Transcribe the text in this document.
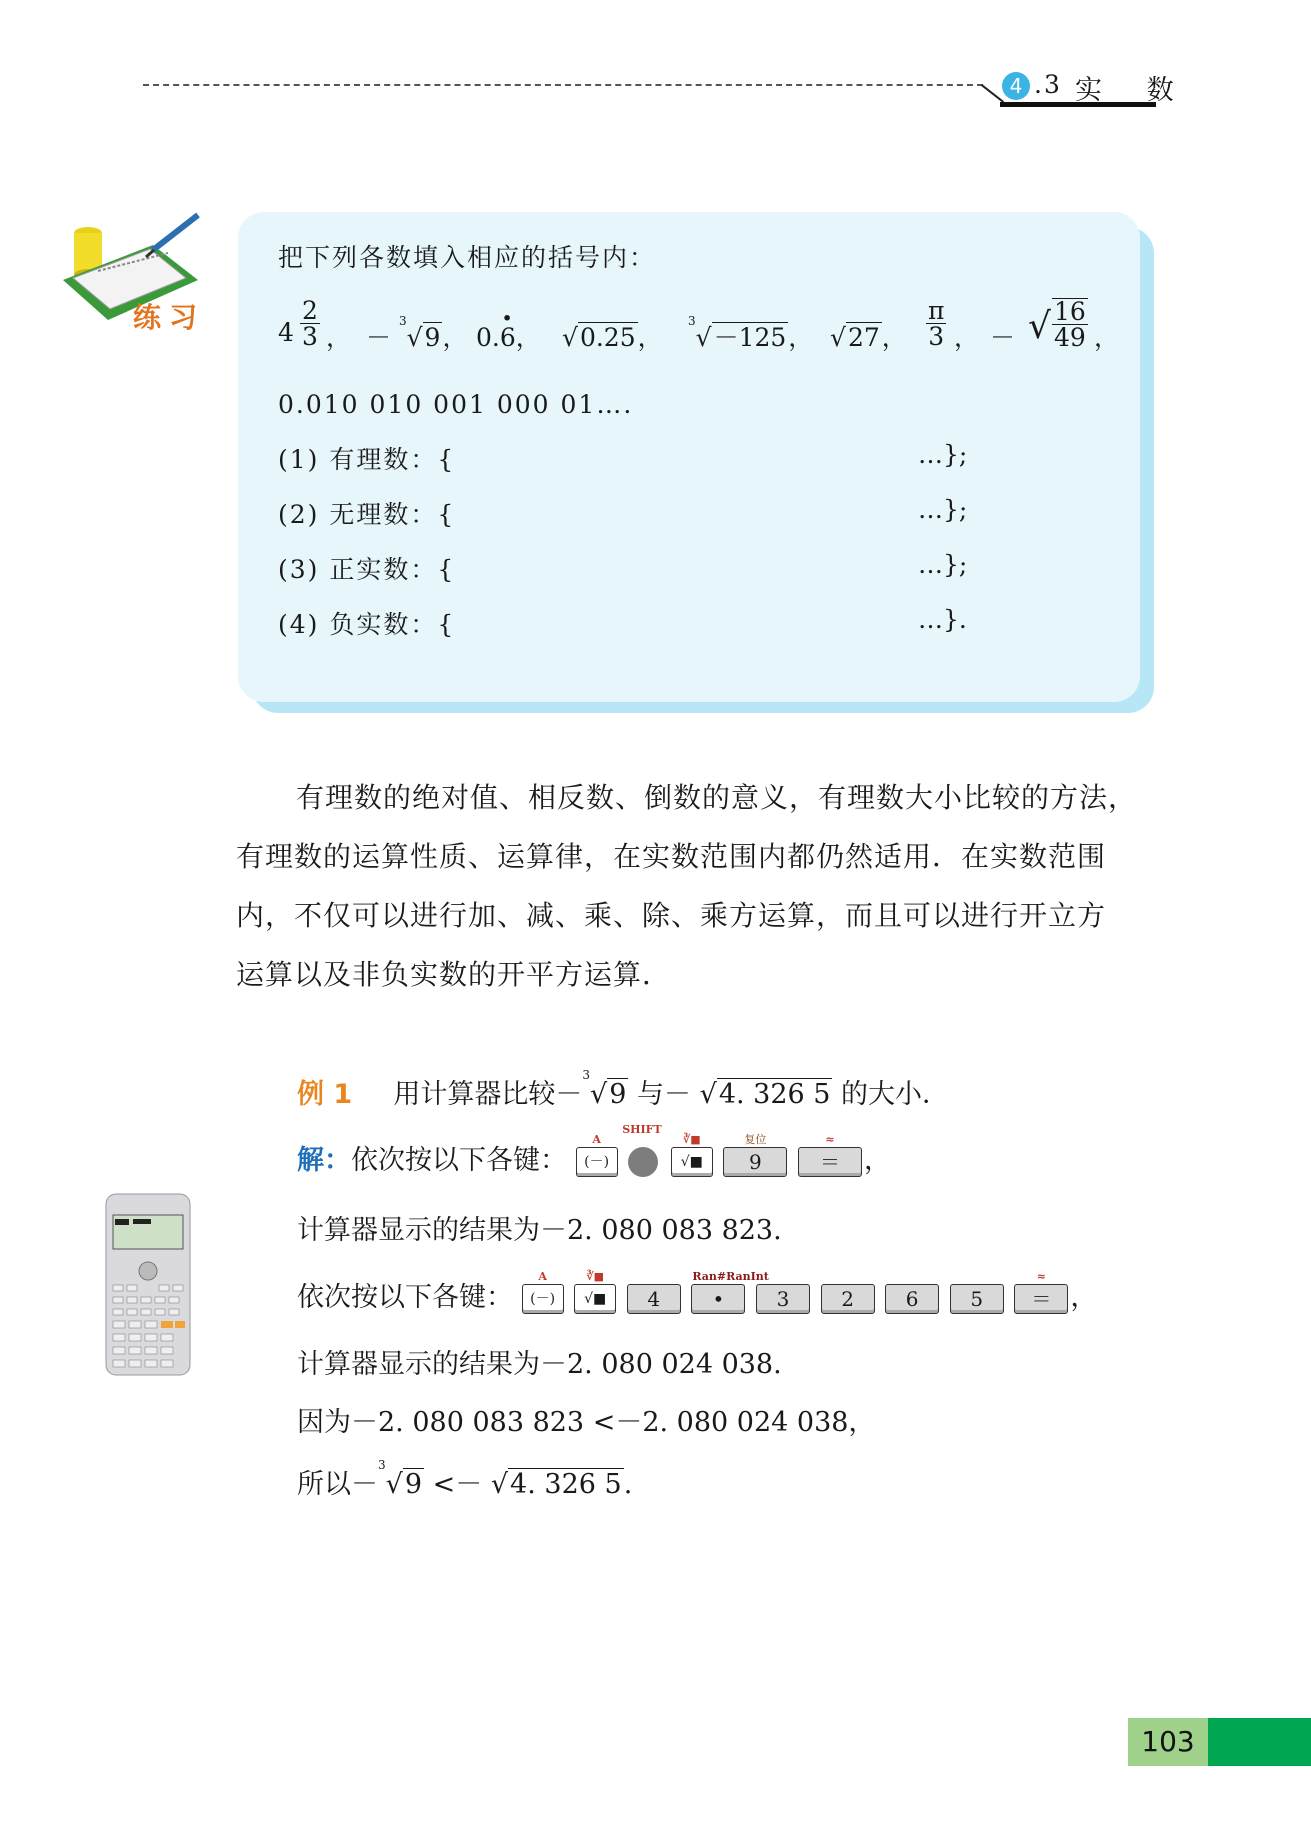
4 .3 实 数
练习
把下列各数填入相应的括号内：
$4 \frac{2}{3}$ ， － $^3$√9， 0.· 6， √0.25，
$^3$√－125， √27， $\frac{\pi}{3}$ ， － √ $\frac{16}{49}$ ，
0.010 010 001 000 01….
(1) 有理数：{	…};
(2) 无理数：{	…};
(3) 正实数：{	…};
(4) 负实数：{	…}.

有理数的绝对值、相反数、倒数的意义，有理数大小比较的方法，

有理数的运算性质、运算律，在实数范围内都仍然适用．在实数范围

内，不仅可以进行加、减、乘、除、乘方运算，而且可以进行开立方

运算以及非负实数的开平方运算．

例 1 用计算器比较－$^3$√9 与－ √4. 326 5 的大小．
解：依次按以下各键：
A
(－)
SHIFT

∛■
√■
复位
9
≈
＝ ，
计算器显示的结果为－2. 080 083 823.
依次按以下各键：
A
(－)
∛■
√■ 4
Ran#RanInt
•	3	2	6	5
≈
＝ ，
计算器显示的结果为－2. 080 024 038.
因为－2. 080 083 823 <－2. 080 024 038，
所以－$^3$√9 <－ √4. 326 5.
103
